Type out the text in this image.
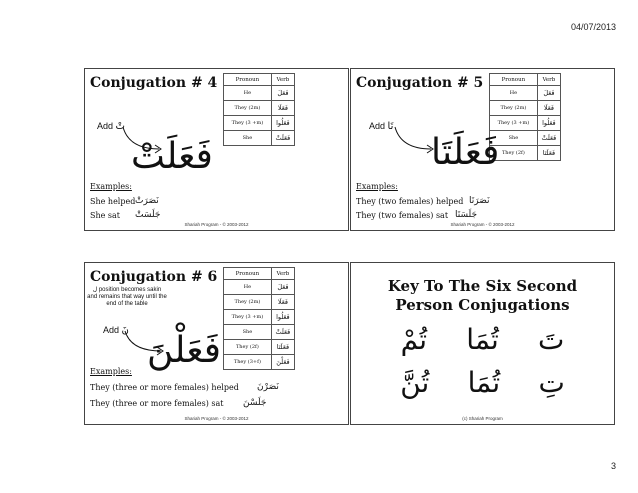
04/07/2013
Conjugation # 4	Pronoun	Verb
He	فَعَلَ
They (2m)	فَعَلَا
They (3 +m)	فَعَلُوا
She	فَعَلَتْ
Add تْ
فَعَلَتْ
Examples:
She helped نَصَرَتْ
She sat جَلَسَتْ
Shariah Program - © 2003-2012
Conjugation # 5	Pronoun	Verb
He	فَعَلَ
They (2m)	فَعَلَا
They (3 +m)	فَعَلُوا
She	فَعَلَتْ
They (2f)	فَعَلَتَا
Add تَا
فَعَلَتَا
Examples:
They (two females) helped نَصَرَتَا
They (two females) sat جَلَسَتَا
Shariah Program - © 2003-2012
Conjugation # 6	Pronoun	Verb
He	فَعَلَ
They (2m)	فَعَلَا
They (3 +m)	فَعَلُوا
She	فَعَلَتْ
They (2f)	فَعَلَتَا
They (3+f)	فَعَلْنَ
ل position becomes sakin and remains that way until the end of the table
Add نَ فَعَلْنَ
Examples:
They (three or more females) helped نَصَرْنَ
They (three or more females) sat جَلَسْنَ
Shariah Program - © 2003-2012
Key To The Six Second
Person Conjugations
تَ
تُمَا
تُمْ
تِ
تُمَا
تُنَّ
(c) Shariah Program
3
